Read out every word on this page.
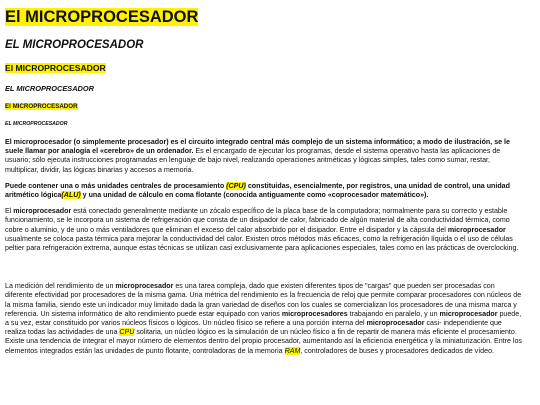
El MICROPROCESADOR
EL MICROPROCESADOR
El MICROPROCESADOR
EL MICROPROCESADOR
El MICROPROCESADOR
EL MICROPROCESADOR

El microprocesador (o simplemente procesador) es el circuito integrado central más complejo de un sistema informático; a modo de ilustración, se le suele llamar por analogía el «cerebro» de un ordenador. Es el encargado de ejecutar los programas, desde el sistema operativo hasta las aplicaciones de usuario; sólo ejecuta instrucciones programadas en lenguaje de bajo nivel, realizando operaciones aritméticas y lógicas simples, tales como sumar, restar, multiplicar, dividir, las lógicas binarias y accesos a memoria.

Puede contener una o más unidades centrales de procesamiento (CPU) constituidas, esencialmente, por registros, una unidad de control, una unidad aritmético lógica(ALU) y una unidad de cálculo en coma flotante (conocida antiguamente como «coprocesador matemático»).

El microprocesador está conectado generalmente mediante un zócalo específico de la placa base de la computadora; normalmente para su correcto y estable funcionamiento, se le incorpora un sistema de refrigeración que consta de un disipador de calor, fabricado de algún material de alta conductividad térmica, como cobre o aluminio, y de uno o más ventiladores que eliminan el exceso del calor absorbido por el disipador. Entre el disipador y la cápsula del microprocesador usualmente se coloca pasta térmica para mejorar la conductividad del calor. Existen otros métodos más eficaces, como la refrigeración líquida o el uso de células peltier para refrigeración extrema, aunque estas técnicas se utilizan casi exclusivamente para aplicaciones especiales, tales como en las prácticas de overclocking.

La medición del rendimiento de un microprocesador es una tarea compleja, dado que existen diferentes tipos de "cargas" que pueden ser procesadas con diferente efectividad por procesadores de la misma gama. Una métrica del rendimiento es la frecuencia de reloj que permite comparar procesadores con núcleos de la misma familia, siendo este un indicador muy limitado dada la gran variedad de diseños con los cuales se comercializan los procesadores de una misma marca y referencia. Un sistema informático de alto rendimiento puede estar equipado con varios microprocesadores trabajando en paralelo, y un microprocesador puede, a su vez, estar constituido por varios núcleos físicos o lógicos. Un núcleo físico se refiere a una porción interna del microprocesador casi- independiente que realiza todas las actividades de una CPU solitaria, un núcleo lógico es la simulación de un núcleo físico a fin de repartir de manera más eficiente el procesamiento. Existe una tendencia de integrar el mayor número de elementos dentro del propio procesador, aumentando así la eficiencia energética y la miniaturización. Entre los elementos integrados están las unidades de punto flotante, controladoras de la memoria RAM, controladores de buses y procesadores dedicados de vídeo.
